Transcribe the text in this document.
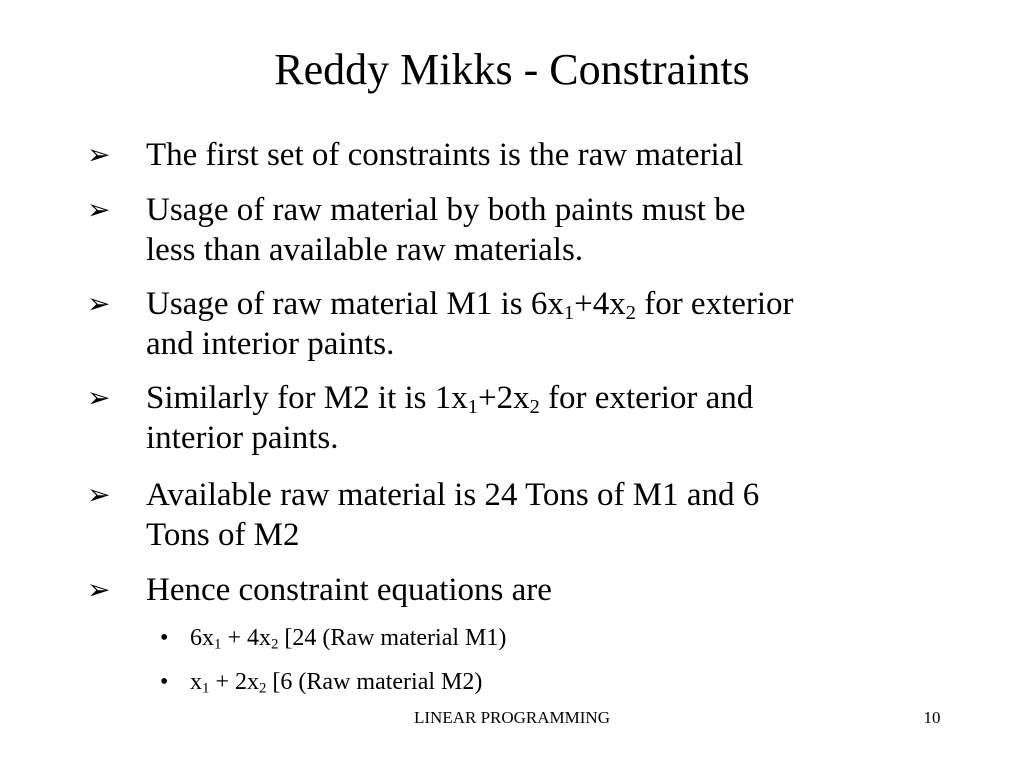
Reddy Mikks - Constraints
➢ The first set of constraints is the raw material
➢ Usage of raw material by both paints must be
less than available raw materials.
➢ Usage of raw material M1 is $6x_1+4x_2$ for exterior
and interior paints.
➢ Similarly for M2 it is $1x_1+2x_2$ for exterior and
interior paints.
➢ Available raw material is 24 Tons of M1 and 6
Tons of M2
➢ Hence constraint equations are
• $6x_1 + 4x_2$ [24 (Raw material M1)
• $x_1 + 2x_2$ [6 (Raw material M2)
LINEAR PROGRAMMING	10
